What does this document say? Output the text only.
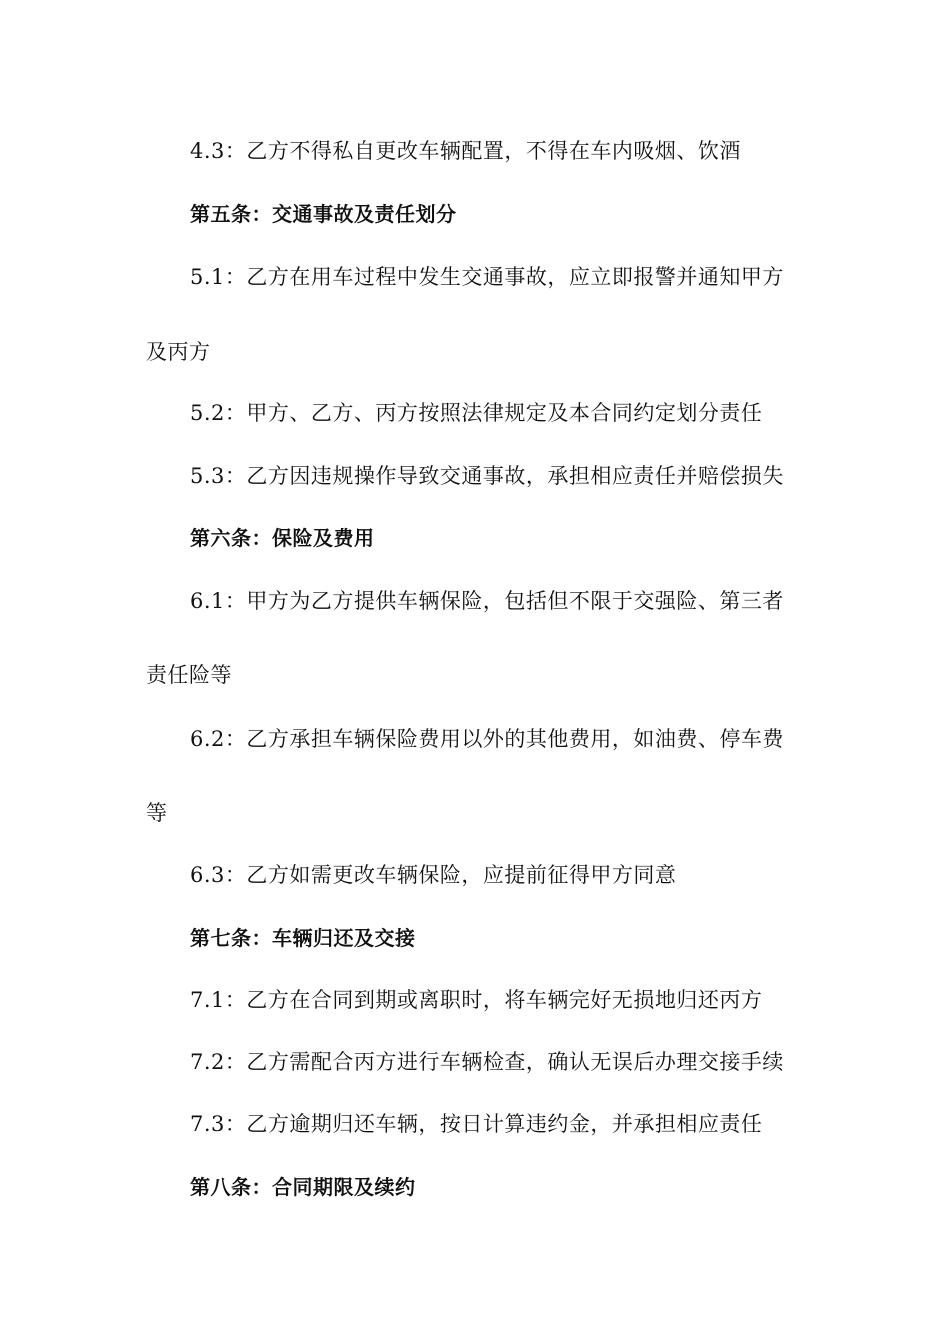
4.3：乙方不得私自更改车辆配置，不得在车内吸烟、饮酒
第五条：交通事故及责任划分
5.1：乙方在用车过程中发生交通事故，应立即报警并通知甲方
及丙方
5.2：甲方、乙方、丙方按照法律规定及本合同约定划分责任
5.3：乙方因违规操作导致交通事故，承担相应责任并赔偿损失
第六条：保险及费用
6.1：甲方为乙方提供车辆保险，包括但不限于交强险、第三者
责任险等
6.2：乙方承担车辆保险费用以外的其他费用，如油费、停车费
等
6.3：乙方如需更改车辆保险，应提前征得甲方同意
第七条：车辆归还及交接
7.1：乙方在合同到期或离职时，将车辆完好无损地归还丙方
7.2：乙方需配合丙方进行车辆检查，确认无误后办理交接手续
7.3：乙方逾期归还车辆，按日计算违约金，并承担相应责任
第八条：合同期限及续约
